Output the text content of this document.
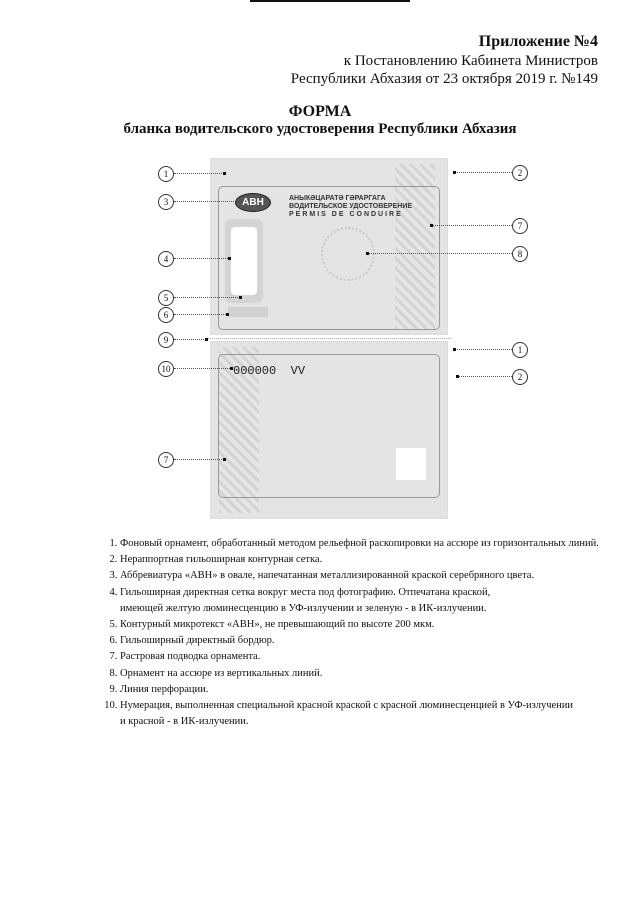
Приложение №4
к Постановлению Кабинета Министров
Республики Абхазия от 23 октября 2019 г. №149
ФОРМА
бланка водительского удостоверения Республики Абхазия
АВН	АНЫКӘЦАРАТӘ ГӘРАРГАГА
ВОДИТЕЛЬСКОЕ УДОСТОВЕРЕНИЕ
PERMIS DE CONDUIRE
000000 VV
1
3
4
5
6
9
10
7
2
7
8
1
2
1. Фоновый орнамент, обработанный методом рельефной раскопировки на ассюре из горизонтальных линий.
2. Нераппортная гильоширная контурная сетка.
3. Аббревиатура «АВН» в овале, напечатанная металлизированной краской серебряного цвета.
4. Гильоширная директная сетка вокруг места под фотографию. Отпечатана краской, имеющей желтую люминесценцию в УФ-излучении и зеленую - в ИК-излучении.
5. Контурный микротекст «АВН», не превышающий по высоте 200 мкм.
6. Гильоширный директный бордюр.
7. Растровая подводка орнамента.
8. Орнамент на ассюре из вертикальных линий.
9. Линия перфорации.
10. Нумерация, выполненная специальной красной краской с красной люминесценцией в УФ-излучении и красной - в ИК-излучении.
